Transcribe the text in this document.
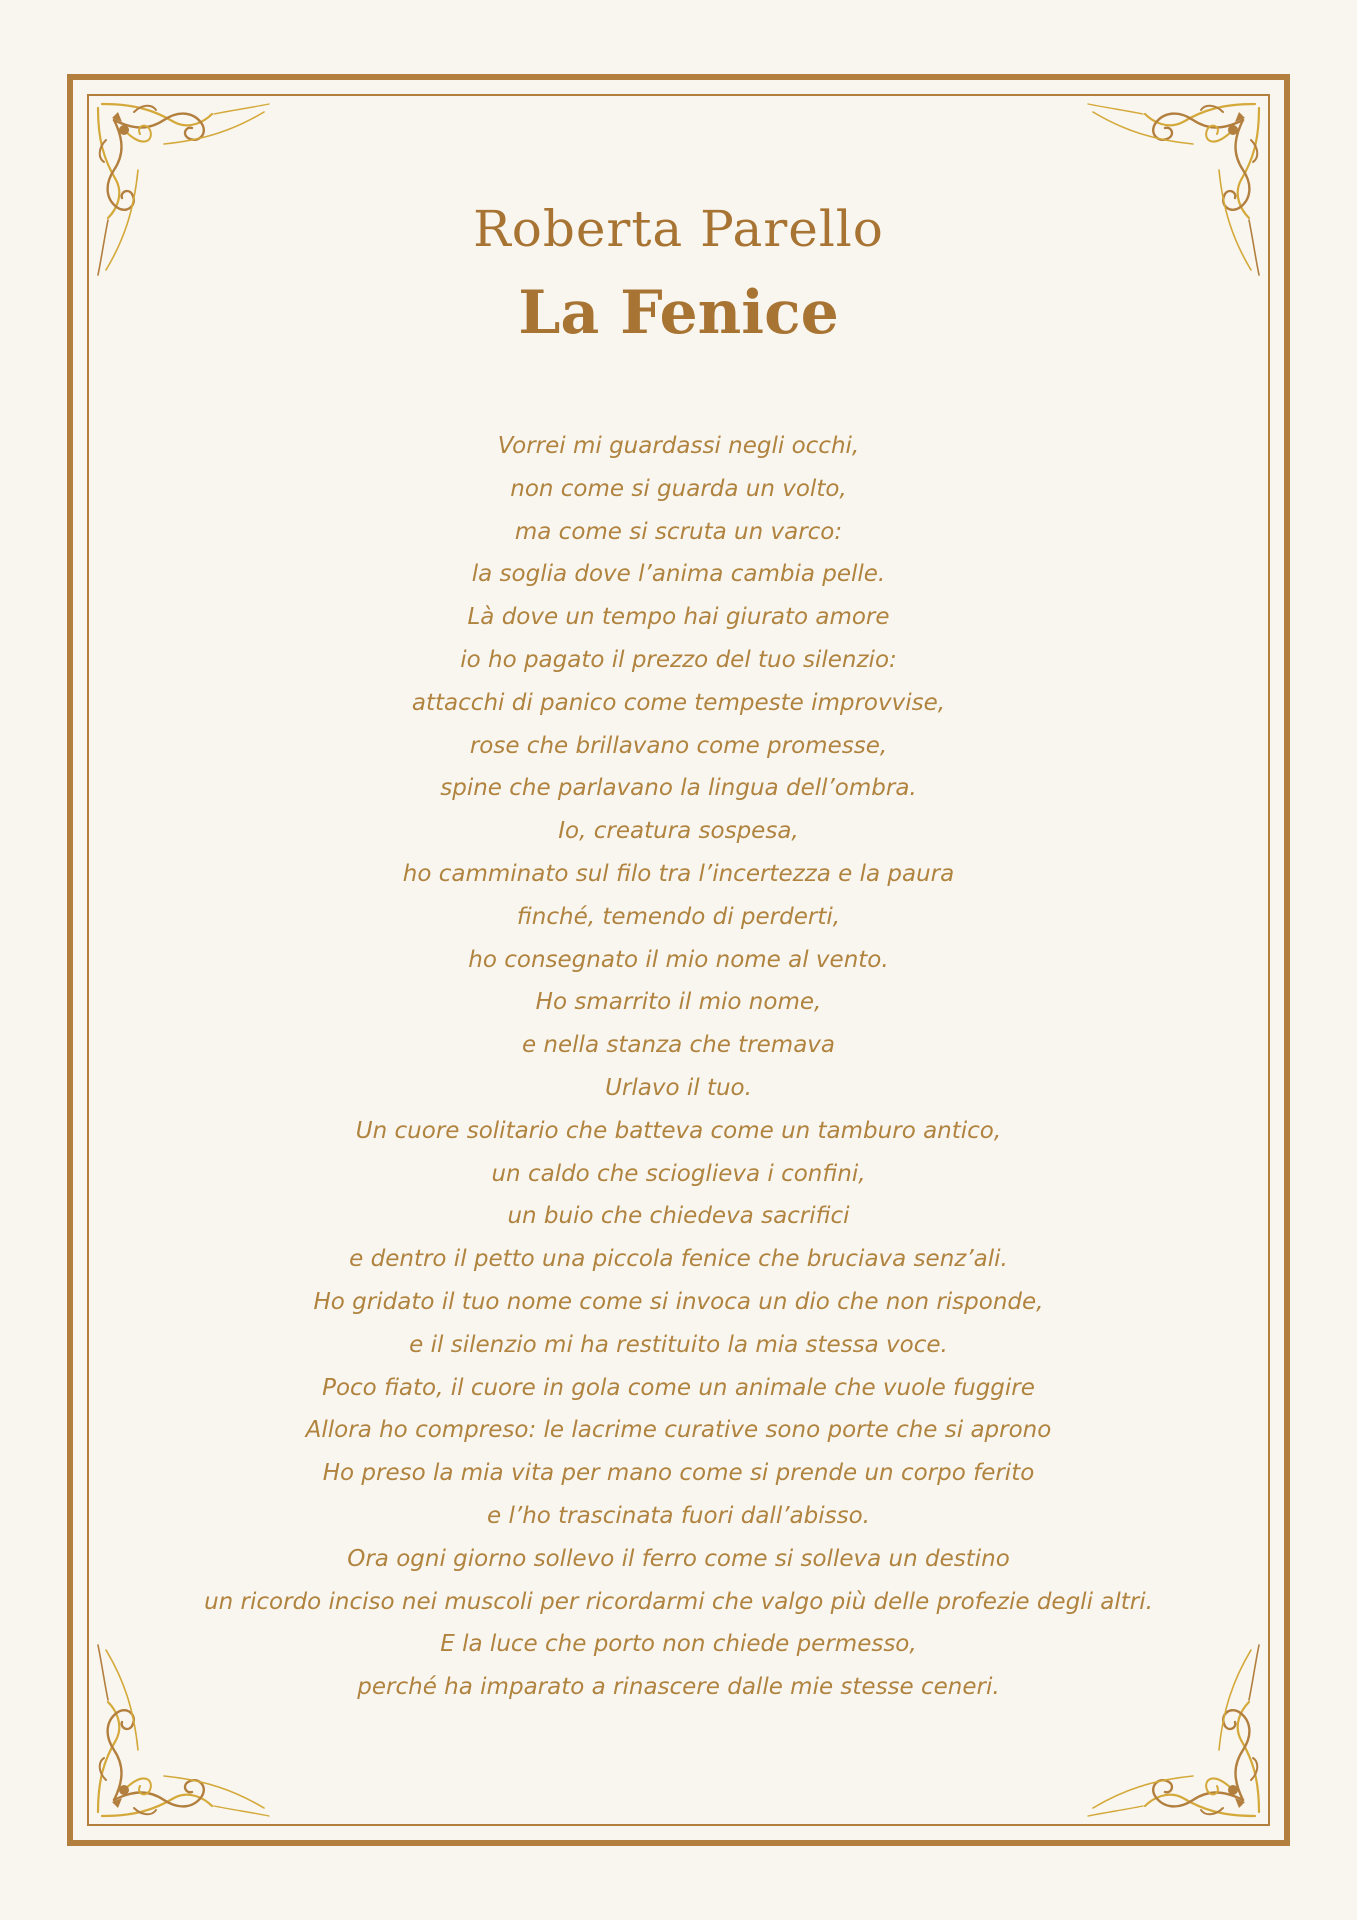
Roberta Parello
La Fenice
Vorrei mi guardassi negli occhi,
non come si guarda un volto,
ma come si scruta un varco:
la soglia dove l’anima cambia pelle.
Là dove un tempo hai giurato amore
io ho pagato il prezzo del tuo silenzio:
attacchi di panico come tempeste improvvise,
rose che brillavano come promesse,
spine che parlavano la lingua dell’ombra.
Io, creatura sospesa,
ho camminato sul filo tra l’incertezza e la paura
finché, temendo di perderti,
ho consegnato il mio nome al vento.
Ho smarrito il mio nome,
e nella stanza che tremava
Urlavo il tuo.
Un cuore solitario che batteva come un tamburo antico,
un caldo che scioglieva i confini,
un buio che chiedeva sacrifici
e dentro il petto una piccola fenice che bruciava senz’ali.
Ho gridato il tuo nome come si invoca un dio che non risponde,
e il silenzio mi ha restituito la mia stessa voce.
Poco fiato, il cuore in gola come un animale che vuole fuggire
Allora ho compreso: le lacrime curative sono porte che si aprono
Ho preso la mia vita per mano come si prende un corpo ferito
e l’ho trascinata fuori dall’abisso.
Ora ogni giorno sollevo il ferro come si solleva un destino
un ricordo inciso nei muscoli per ricordarmi che valgo più delle profezie degli altri.
E la luce che porto non chiede permesso,
perché ha imparato a rinascere dalle mie stesse ceneri.
